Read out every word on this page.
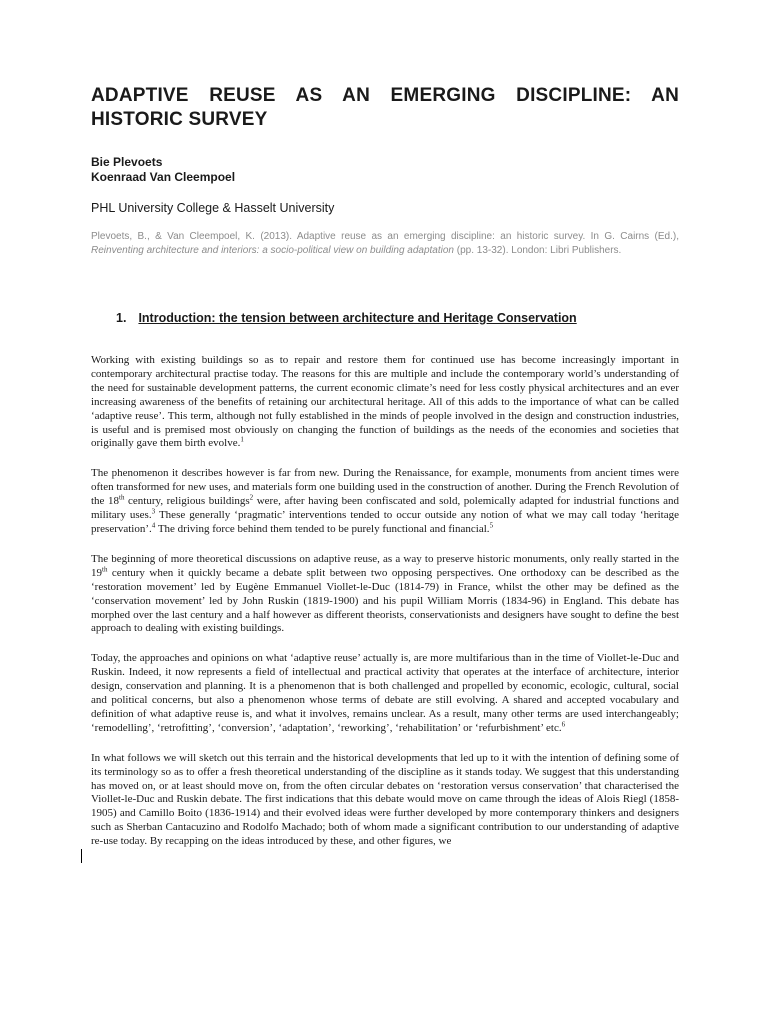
ADAPTIVE REUSE AS AN EMERGING DISCIPLINE: AN HISTORIC SURVEY
Bie Plevoets
Koenraad Van Cleempoel
PHL University College & Hasselt University
Plevoets, B., & Van Cleempoel, K. (2013). Adaptive reuse as an emerging discipline: an historic survey. In G. Cairns (Ed.), Reinventing architecture and interiors: a socio-political view on building adaptation (pp. 13-32). London: Libri Publishers.
1. Introduction: the tension between architecture and Heritage Conservation

Working with existing buildings so as to repair and restore them for continued use has become increasingly important in contemporary architectural practise today. The reasons for this are multiple and include the contemporary world’s understanding of the need for sustainable development patterns, the current economic climate’s need for less costly physical architectures and an ever increasing awareness of the benefits of retaining our architectural heritage. All of this adds to the importance of what can be called ‘adaptive reuse’. This term, although not fully established in the minds of people involved in the design and construction industries, is useful and is premised most obviously on changing the function of buildings as the needs of the economies and societies that originally gave them birth evolve.$^1$

The phenomenon it describes however is far from new. During the Renaissance, for example, monuments from ancient times were often transformed for new uses, and materials form one building used in the construction of another. During the French Revolution of the 18th century, religious buildings$^2$ were, after having been confiscated and sold, polemically adapted for industrial functions and military uses.$^3$ These generally ‘pragmatic’ interventions tended to occur outside any notion of what we may call today ‘heritage preservation’.$^4$ The driving force behind them tended to be purely functional and financial.$^5$

The beginning of more theoretical discussions on adaptive reuse, as a way to preserve historic monuments, only really started in the 19th century when it quickly became a debate split between two opposing perspectives. One orthodoxy can be described as the ‘restoration movement’ led by Eugène Emmanuel Viollet-le-Duc (1814-79) in France, whilst the other may be defined as the ‘conservation movement’ led by John Ruskin (1819-1900) and his pupil William Morris (1834-96) in England. This debate has morphed over the last century and a half however as different theorists, conservationists and designers have sought to define the best approach to dealing with existing buildings.

Today, the approaches and opinions on what ‘adaptive reuse’ actually is, are more multifarious than in the time of Viollet-le-Duc and Ruskin. Indeed, it now represents a field of intellectual and practical activity that operates at the interface of architecture, interior design, conservation and planning. It is a phenomenon that is both challenged and propelled by economic, ecologic, cultural, social and political concerns, but also a phenomenon whose terms of debate are still evolving. A shared and accepted vocabulary and definition of what adaptive reuse is, and what it involves, remains unclear. As a result, many other terms are used interchangeably; ‘remodelling’, ‘retrofitting’, ‘conversion’, ‘adaptation’, ‘reworking’, ‘rehabilitation’ or ‘refurbishment’ etc.$^6$

In what follows we will sketch out this terrain and the historical developments that led up to it with the intention of defining some of its terminology so as to offer a fresh theoretical understanding of the discipline as it stands today. We suggest that this understanding has moved on, or at least should move on, from the often circular debates on ‘restoration versus conservation’ that characterised the Viollet-le-Duc and Ruskin debate. The first indications that this debate would move on came through the ideas of Alois Riegl (1858-1905) and Camillo Boito (1836-1914) and their evolved ideas were further developed by more contemporary thinkers and designers such as Sherban Cantacuzino and Rodolfo Machado; both of whom made a significant contribution to our understanding of adaptive re-use today. By recapping on the ideas introduced by these, and other figures, we
